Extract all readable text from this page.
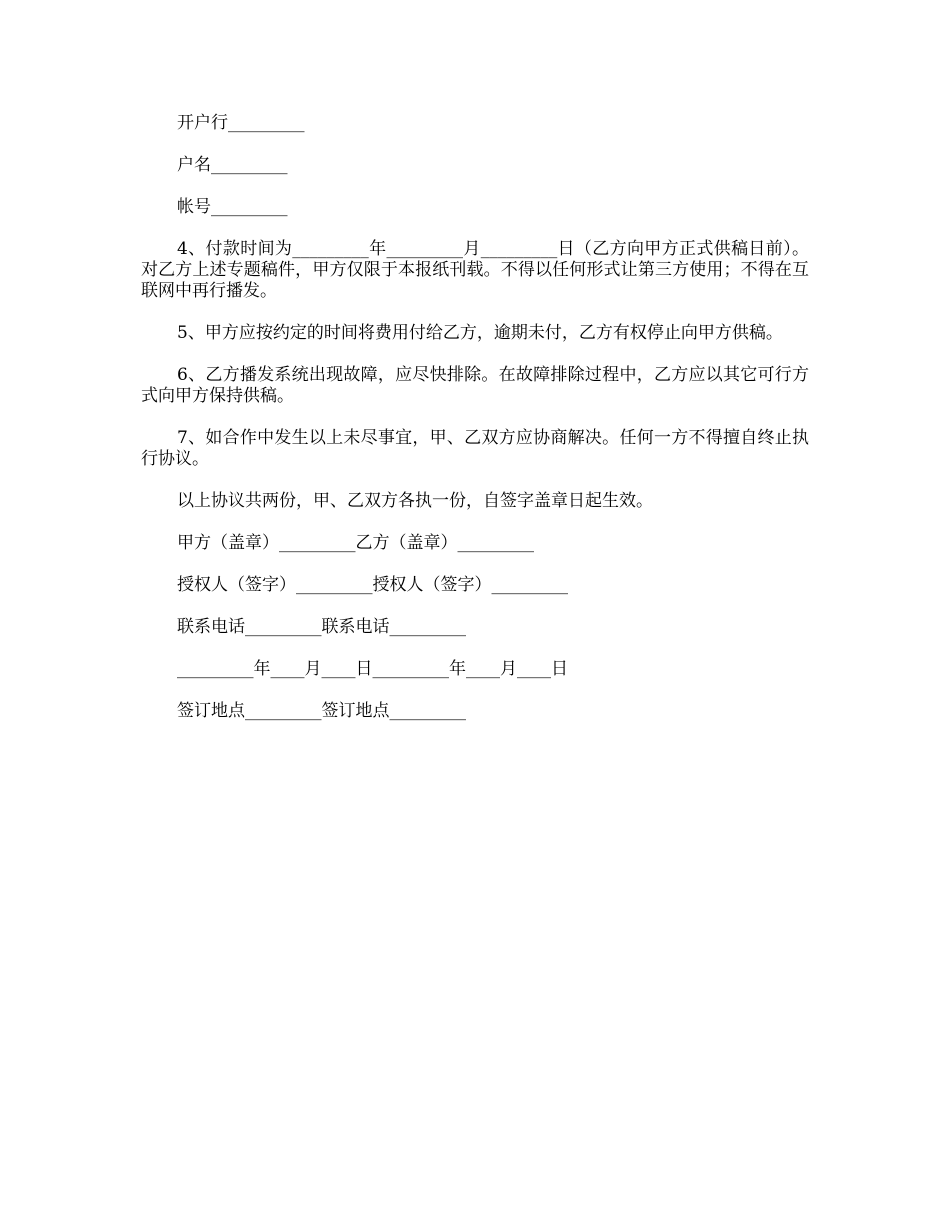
开户行_________

户名_________

帐号_________

4、付款时间为_________年_________月_________日（乙方向甲方正式供稿日前）。对乙方上述专题稿件，甲方仅限于本报纸刊载。不得以任何形式让第三方使用；不得在互联网中再行播发。

5、甲方应按约定的时间将费用付给乙方，逾期未付，乙方有权停止向甲方供稿。

6、乙方播发系统出现故障，应尽快排除。在故障排除过程中，乙方应以其它可行方式向甲方保持供稿。

7、如合作中发生以上未尽事宜，甲、乙双方应协商解决。任何一方不得擅自终止执行协议。

以上协议共两份，甲、乙双方各执一份，自签字盖章日起生效。

甲方（盖章）_________乙方（盖章）_________

授权人（签字）_________授权人（签字）_________

联系电话_________联系电话_________

_________年____月____日_________年____月____日

签订地点_________签订地点_________
